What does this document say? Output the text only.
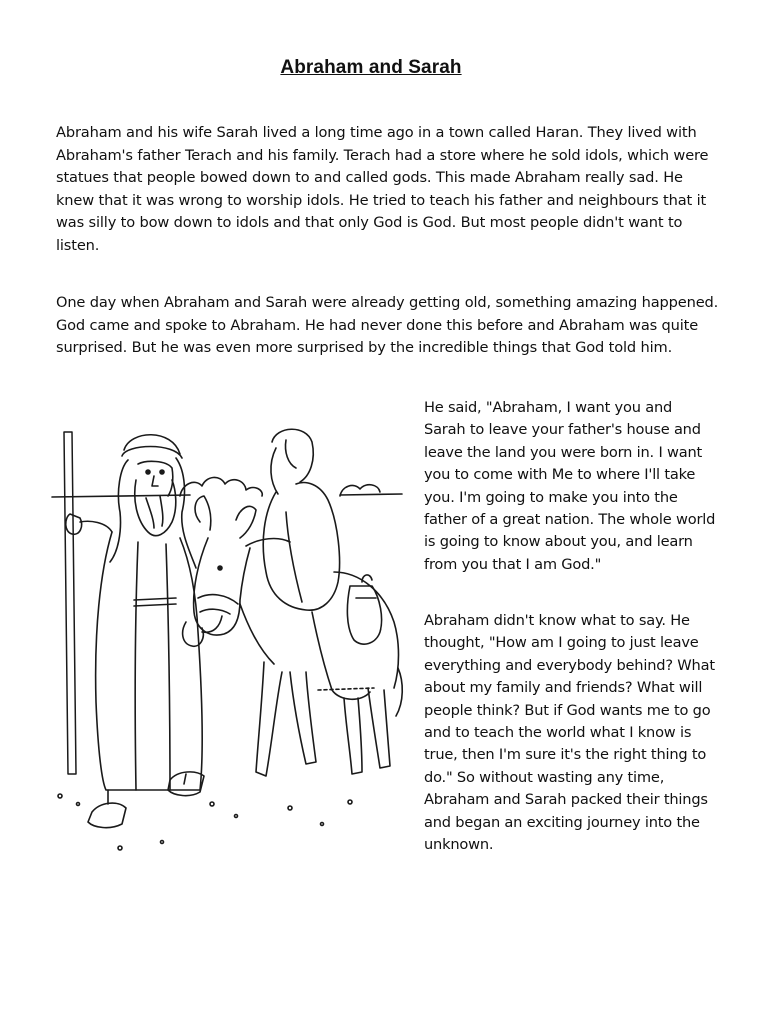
Abraham and Sarah

Abraham and his wife Sarah lived a long time ago in a town called Haran. They lived with Abraham's father Terach and his family. Terach had a store where he sold idols, which were statues that people bowed down to and called gods. This made Abraham really sad. He knew that it was wrong to worship idols. He tried to teach his father and neighbours that it was silly to bow down to idols and that only God is God. But most people didn't want to listen.

One day when Abraham and Sarah were already getting old, something amazing happened. God came and spoke to Abraham. He had never done this before and Abraham was quite surprised. But he was even more surprised by the incredible things that God told him.

He said, "Abraham, I want you and Sarah to leave your father's house and leave the land you were born in. I want you to come with Me to where I'll take you. I'm going to make you into the father of a great nation. The whole world is going to know about you, and learn from you that I am God."

Abraham didn't know what to say. He thought, "How am I going to just leave everything and everybody behind? What about my family and friends? What will people think? But if God wants me to go and to teach the world what I know is true, then I'm sure it's the right thing to do." So without wasting any time, Abraham and Sarah packed their things and began an exciting journey into the unknown.
